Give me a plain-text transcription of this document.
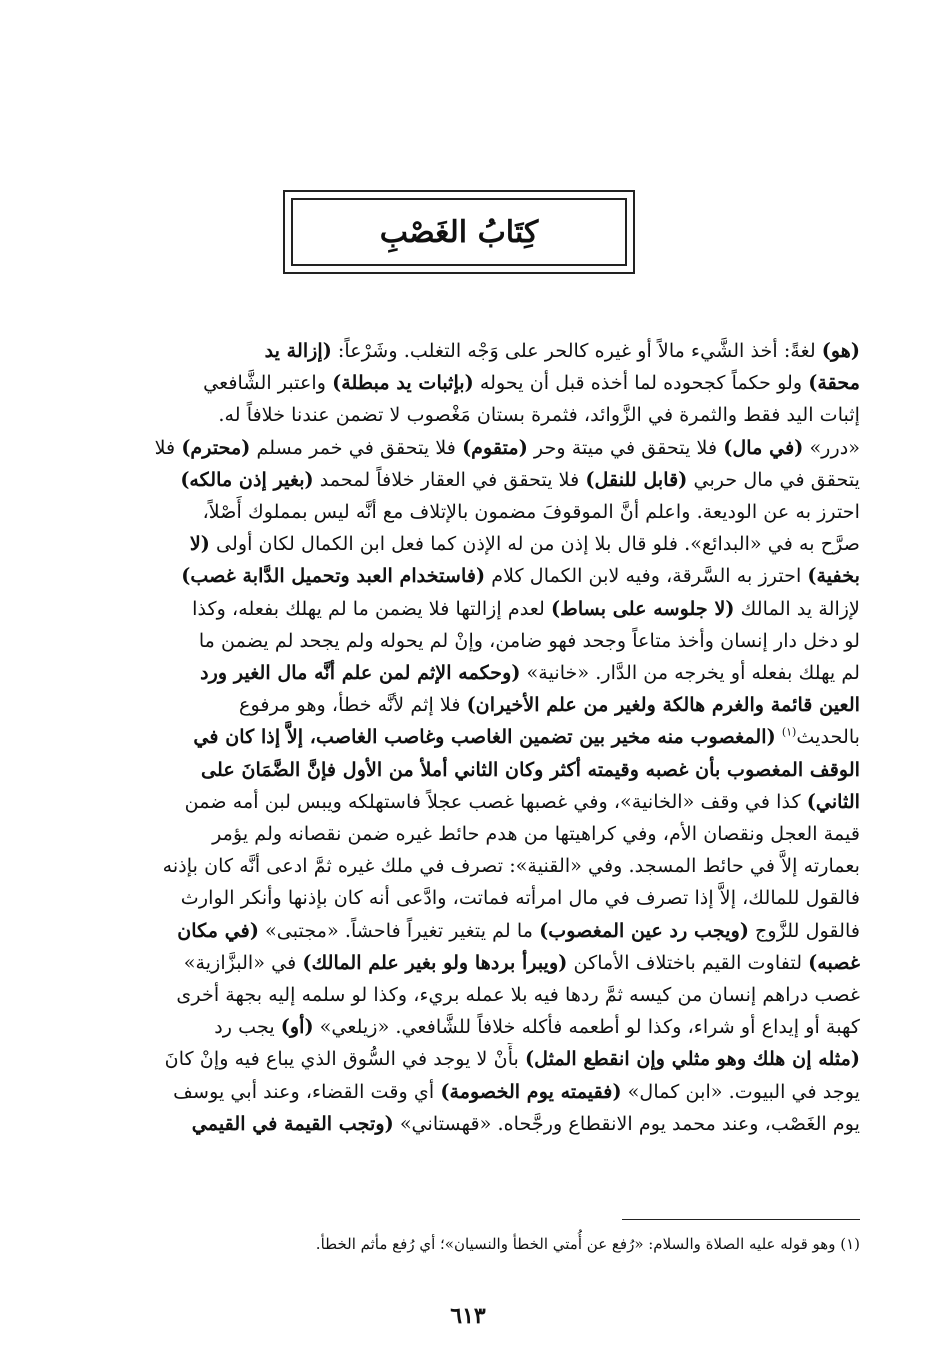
كِتَابُ الغَصْبِ
(هو) لغةً: أخذ الشَّيء مالاً أو غيره كالحر على وَجْه التغلب. وشَرْعاً: (إزالة يد
محقة) ولو حكماً كجحوده لما أخذه قبل أن يحوله (بإثبات يد مبطلة) واعتبر الشَّافعي
إثبات اليد فقط والثمرة في الزَّوائد، فثمرة بستان مَغْصوب لا تضمن عندنا خلافاً له.
«درر» (في مال) فلا يتحقق في ميتة وحر (متقوم) فلا يتحقق في خمر مسلم (محترم) فلا
يتحقق في مال حربي (قابل للنقل) فلا يتحقق في العقار خلافاً لمحمد (بغير إذن مالكه)
احترز به عن الوديعة. واعلم أنَّ الموقوفَ مضمون بالإتلاف مع أنَّه ليس بمملوك أَصْلاً،
صرَّح به في «البدائع». فلو قال بلا إذن من له الإذن كما فعل ابن الكمال لكان أولى (لا
بخفية) احترز به السَّرقة، وفيه لابن الكمال كلام (فاستخدام العبد وتحميل الدَّابة غصب)
لإزالة يد المالك (لا جلوسه على بساط) لعدم إزالتها فلا يضمن ما لم يهلك بفعله، وكذا
لو دخل دار إنسان وأخذ متاعاً وجحد فهو ضامن، وإنْ لم يحوله ولم يجحد لم يضمن ما
لم يهلك بفعله أو يخرجه من الدَّار. «خانية» (وحكمه الإثم لمن علم أنَّه مال الغير ورد
العين قائمة والغرم هالكة ولغير من علم الأخيران) فلا إثم لأنَّه خطأ، وهو مرفوع
بالحديث$^{(١)}$ (المغصوب منه مخير بين تضمين الغاصب وغاصب الغاصب، إلاَّ إذا كان في
الوقف المغصوب بأن غصبه وقيمته أكثر وكان الثاني أملأ من الأول فإنَّ الضَّمَانَ على
الثاني) كذا في وقف «الخانية»، وفي غصبها غصب عجلاً فاستهلكه ويبس لبن أمه ضمن
قيمة العجل ونقصان الأم، وفي كراهيتها من هدم حائط غيره ضمن نقصانه ولم يؤمر
بعمارته إلاَّ في حائط المسجد. وفي «القنية»: تصرف في ملك غيره ثمَّ ادعى أنَّه كان بإذنه
فالقول للمالك، إلاَّ إذا تصرف في مال امرأته فماتت، وادَّعى أنه كان بإذنها وأنكر الوارث
فالقول للزَّوج (ويجب رد عين المغصوب) ما لم يتغير تغيراً فاحشاً. «مجتبى» (في مكان
غصبه) لتفاوت القيم باختلاف الأماكن (ويبرأ بردها ولو بغير علم المالك) في «البزَّازية»
غصب دراهم إنسان من كيسه ثمَّ ردها فيه بلا عمله بريء، وكذا لو سلمه إليه بجهة أخرى
كهبة أو إيداع أو شراء، وكذا لو أطعمه فأكله خلافاً للشَّافعي. «زيلعي» (أو) يجب رد
(مثله إن هلك وهو مثلي وإن انقطع المثل) بأَنْ لا يوجد في السُّوق الذي يباع فيه وإنْ كانَ
يوجد في البيوت. «ابن كمال» (فقيمته يوم الخصومة) أي وقت القضاء، وعند أبي يوسف
يوم الغَصْب، وعند محمد يوم الانقطاع ورجَّحاه. «قهستاني» (وتجب القيمة في القيمي
(١) وهو قوله عليه الصلاة والسلام: «رُفع عن أُمتي الخطأ والنسيان»؛ أي رُفع مأثم الخطأ.
٦١٣
